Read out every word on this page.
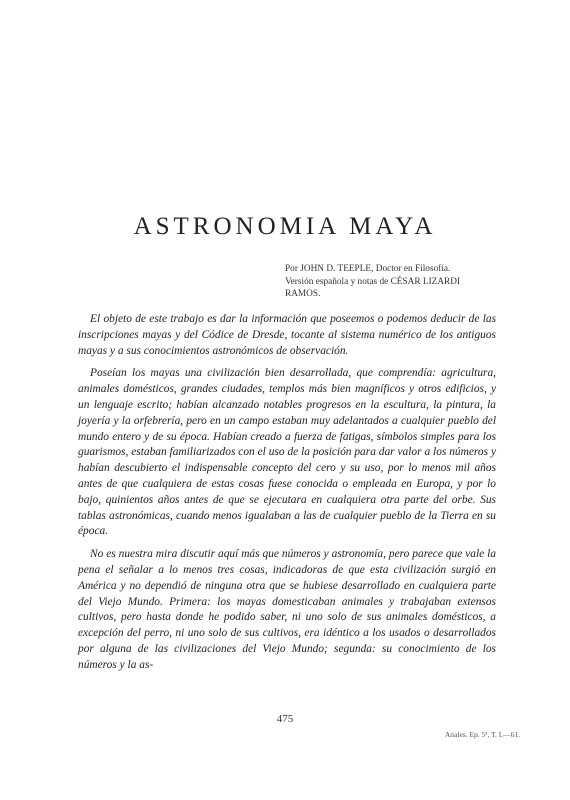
ASTRONOMIA MAYA
Por JOHN D. TEEPLE, Doctor en Filosofía.
Versión española y notas de CÉSAR LIZARDI
RAMOS.

El objeto de este trabajo es dar la información que poseemos o podemos deducir de las inscripciones mayas y del Códice de Dresde, tocante al sistema numérico de los antiguos mayas y a sus conocimientos astronómicos de observación.

Poseían los mayas una civilización bien desarrollada, que comprendía: agricultura, animales domésticos, grandes ciudades, templos más bien magníficos y otros edificios, y un lenguaje escrito; habían alcanzado notables progresos en la escultura, la pintura, la joyería y la orfebrería, pero en un campo estaban muy adelantados a cualquier pueblo del mundo entero y de su época. Habían creado a fuerza de fatigas, símbolos simples para los guarismos, estaban familiarizados con el uso de la posición para dar valor a los números y habían descubierto el indispensable concepto del cero y su uso, por lo menos mil años antes de que cualquiera de estas cosas fuese conocida o empleada en Europa, y por lo bajo, quinientos años antes de que se ejecutara en cualquiera otra parte del orbe. Sus tablas astronómicas, cuando menos igualaban a las de cualquier pueblo de la Tierra en su época.

No es nuestra mira discutir aquí más que números y astronomía, pero parece que vale la pena el señalar a lo menos tres cosas, indicadoras de que esta civilización surgió en América y no dependió de ninguna otra que se hubiese desarrollado en cualquiera parte del Viejo Mundo. Primera: los mayas domesticaban animales y trabajaban extensos cultivos, pero hasta donde he podido saber, ni uno solo de sus animales domésticos, a excepción del perro, ni uno solo de sus cultivos, era idéntico a los usados o desarrollados por alguna de las civilizaciones del Viejo Mundo; segunda: su conocimiento de los números y la as-

475
Anales. Ep. 5ª, T. I.—61.
